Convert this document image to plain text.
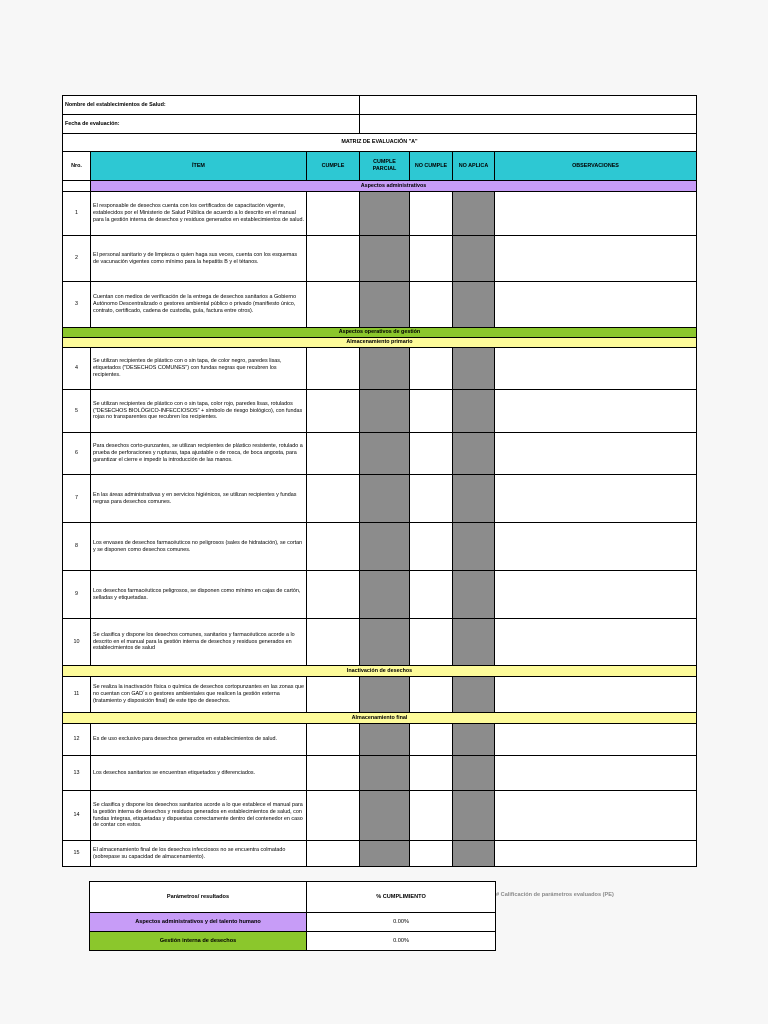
Nombre del establecimientos de Salud:						
Fecha de evaluación:						
MATRIZ DE EVALUACIÓN "A"						
Nro.	ÍTEM	CUMPLE	CUMPLE PARCIAL	NO CUMPLE	NO APLICA	OBSERVACIONES
	Aspectos administrativos					
1	El responsable de desechos cuenta con los certificados de capacitación vigente, establecidos por el Ministerio de Salud Pública de acuerdo a lo descrito en el manual para la gestión interna de desechos y residuos generados en establecimientos de salud.					
2	El personal sanitario y de limpieza o quien haga sus veces, cuenta con los esquemas de vacunación vigentes como mínimo para la hepatitis B y el tétanos.					
3	Cuentan con medios de verificación de la entrega de desechos sanitarios a Gobierno Autónomo Descentralizado o gestores ambiental público o privado (manifiesto único, contrato, certificado, cadena de custodia, guía, factura entre otros).					
Aspectos operativos de gestión						
Almacenamiento primario						
4	Se utilizan recipientes de plástico con o sin tapa, de color negro, paredes lisas, etiquetados ("DESECHOS COMUNES") con fundas negras que recubren los recipientes.					
5	Se utilizan recipientes de plástico con o sin tapa, color rojo, paredes lisas, rotulados ("DESECHOS BIOLÓGICO-INFECCIOSOS" + símbolo de riesgo biológico), con fundas rojas no transparentes que recubren los recipientes.					
6	Para desechos corto-punzantes, se utilizan recipientes de plástico resistente, rotulado a prueba de perforaciones y rupturas, tapa ajustable o de rosca, de boca angosta, para garantizar el cierre e impedir la introducción de las manos.					
7	En las áreas administrativas y en servicios higiénicos, se utilizan recipientes y fundas negras para desechos comunes.					
8	Los envases de desechos farmacéuticos no peligrosos (sales de hidratación), se cortan y se disponen como desechos comunes.					
9	Los desechos farmacéuticos peligrosos, se disponen como mínimo en cajas de cartón, selladas y etiquetadas.					
10	Se clasifica y dispone los desechos comunes, sanitarios y farmacéuticos acorde a lo descrito en el manual para la gestión interna de desechos y residuos generados en establecimientos de salud					
Inactivación de desechos						
11	Se realiza la inactivación física o química de desechos cortopunzantes en las zonas que no cuentan con GAD´s o gestores ambientales que realicen la gestión externa (tratamiento y disposición final) de este tipo de desechos.					
Almacenamiento final						
12	Es de uso exclusivo para desechos generados en establecimientos de salud.					
13	Los desechos sanitarios se encuentran etiquetados y diferenciados.					
14	Se clasifica y dispone los desechos sanitarios acorde a lo que establece el manual para la gestión interna de desechos y residuos generados en establecimientos de salud, con fundas íntegras, etiquetadas y dispuestas correctamente dentro del contenedor en caso de contar con estos.					
15	El almacenamiento final de los desechos infecciosos no se encuentra colmatado (sobrepase su capacidad de almacenamiento).					
Parámetros/ resultados	% CUMPLIMIENTO
Aspectos administrativos y del talento humano	0.00%
Gestión interna de desechos	0.00%
# Calificación de parámetros evaluados (PE)
